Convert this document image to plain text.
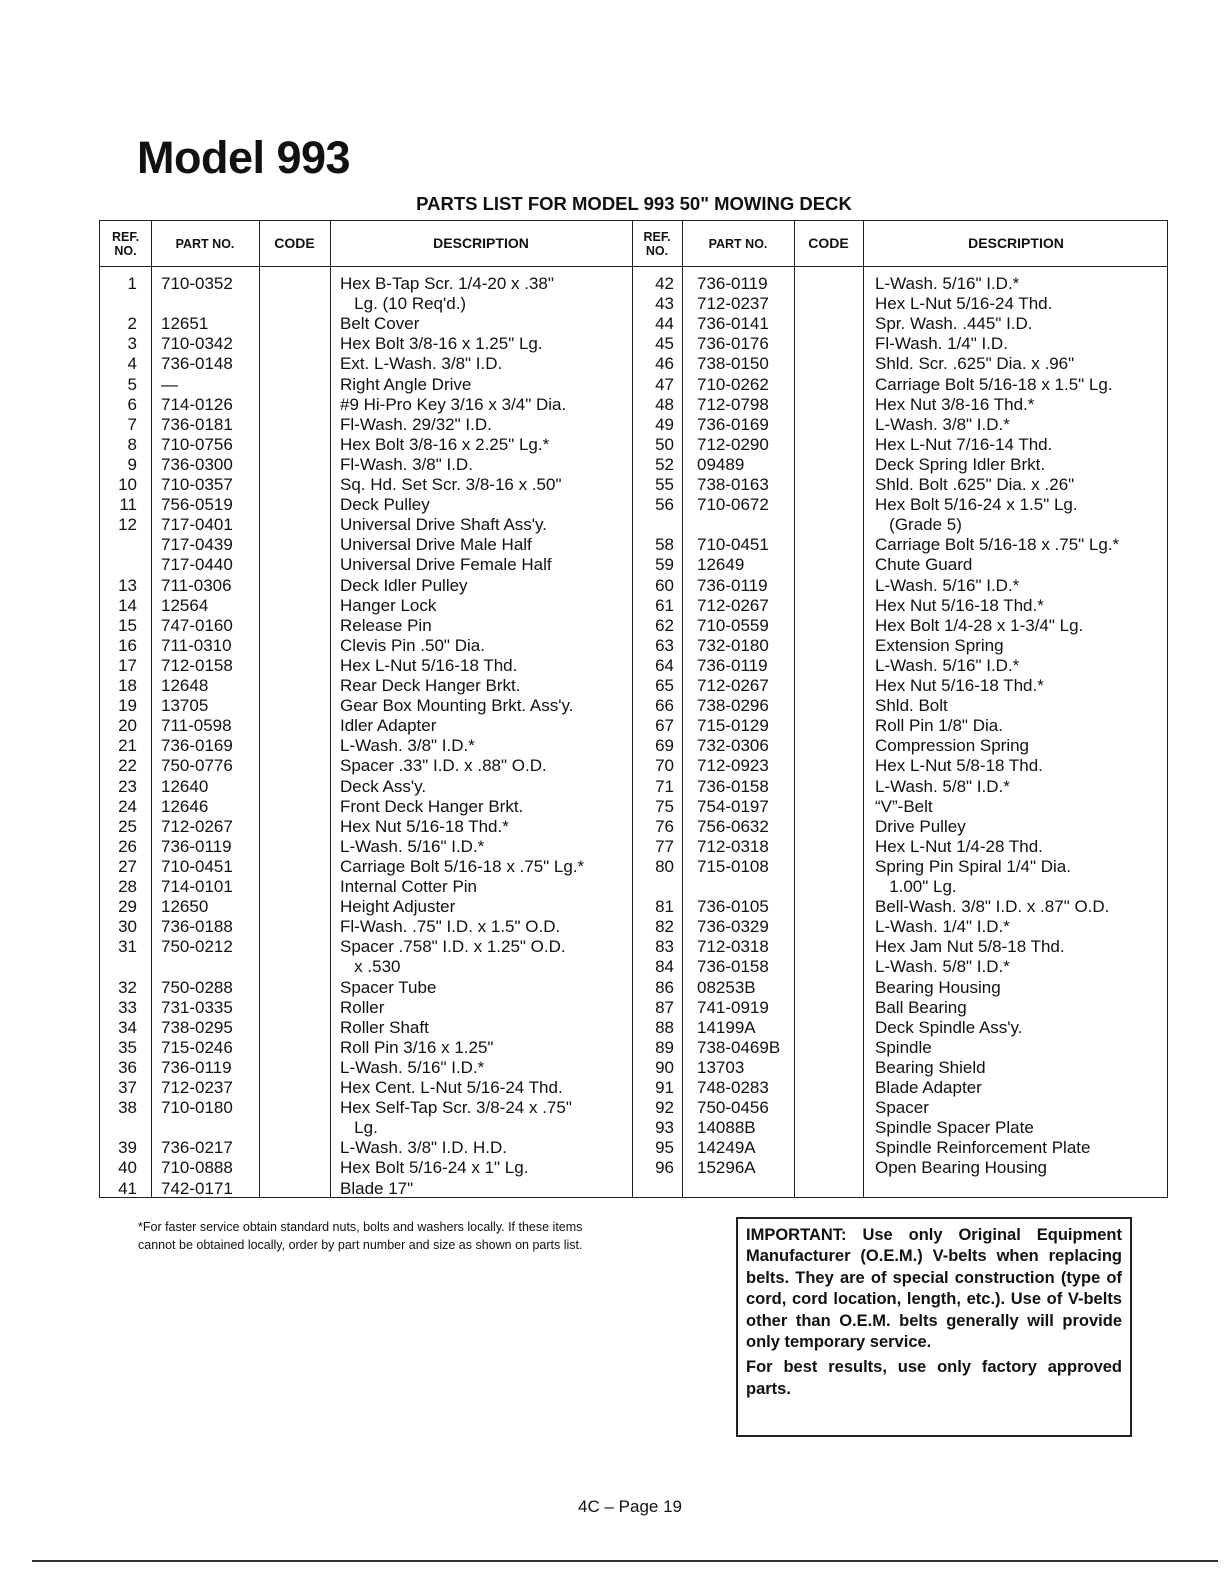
Model 993
PARTS LIST FOR MODEL 993 50" MOWING DECK
REF. NO.	PART NO.	CODE	DESCRIPTION	REF. NO.	PART NO.	CODE	DESCRIPTION
1 710-0352	Hex B-Tap Scr. 1/4-20 x .38"
Lg. (10 Req'd.)
2 12651	Belt Cover
3 710-0342	Hex Bolt 3/8-16 x 1.25" Lg.
4 736-0148	Ext. L-Wash. 3/8" I.D.
5 —	Right Angle Drive
6 714-0126	#9 Hi-Pro Key 3/16 x 3/4" Dia.
7 736-0181	Fl-Wash. 29/32" I.D.
8 710-0756	Hex Bolt 3/8-16 x 2.25" Lg.*
9 736-0300	Fl-Wash. 3/8" I.D.
10 710-0357	Sq. Hd. Set Scr. 3/8-16 x .50"
11 756-0519	Deck Pulley
12 717-0401	Universal Drive Shaft Ass'y.
717-0439	Universal Drive Male Half
717-0440	Universal Drive Female Half
13 711-0306	Deck Idler Pulley
14 12564	Hanger Lock
15 747-0160	Release Pin
16 711-0310	Clevis Pin .50" Dia.
17 712-0158	Hex L-Nut 5/16-18 Thd.
18 12648	Rear Deck Hanger Brkt.
19 13705	Gear Box Mounting Brkt. Ass'y.
20 711-0598	Idler Adapter
21 736-0169	L-Wash. 3/8" I.D.*
22 750-0776	Spacer .33" I.D. x .88" O.D.
23 12640	Deck Ass'y.
24 12646	Front Deck Hanger Brkt.
25 712-0267	Hex Nut 5/16-18 Thd.*
26 736-0119	L-Wash. 5/16" I.D.*
27 710-0451	Carriage Bolt 5/16-18 x .75" Lg.*
28 714-0101	Internal Cotter Pin
29 12650	Height Adjuster
30 736-0188	Fl-Wash. .75" I.D. x 1.5" O.D.
31 750-0212	Spacer .758" I.D. x 1.25" O.D.
x .530
32 750-0288	Spacer Tube
33 731-0335	Roller
34 738-0295	Roller Shaft
35 715-0246	Roll Pin 3/16 x 1.25"
36 736-0119	L-Wash. 5/16" I.D.*
37 712-0237	Hex Cent. L-Nut 5/16-24 Thd.
38 710-0180	Hex Self-Tap Scr. 3/8-24 x .75"
Lg.
39 736-0217	L-Wash. 3/8" I.D. H.D.
40 710-0888	Hex Bolt 5/16-24 x 1" Lg.
41 742-0171	Blade 17"
42 736-0119	L-Wash. 5/16" I.D.*
43 712-0237	Hex L-Nut 5/16-24 Thd.
44 736-0141	Spr. Wash. .445" I.D.
45 736-0176	Fl-Wash. 1/4" I.D.
46 738-0150	Shld. Scr. .625" Dia. x .96"
47 710-0262	Carriage Bolt 5/16-18 x 1.5" Lg.
48 712-0798	Hex Nut 3/8-16 Thd.*
49 736-0169	L-Wash. 3/8" I.D.*
50 712-0290	Hex L-Nut 7/16-14 Thd.
52 09489	Deck Spring Idler Brkt.
55 738-0163	Shld. Bolt .625" Dia. x .26"
56 710-0672	Hex Bolt 5/16-24 x 1.5" Lg.
(Grade 5)
58 710-0451	Carriage Bolt 5/16-18 x .75" Lg.*
59 12649	Chute Guard
60 736-0119	L-Wash. 5/16" I.D.*
61 712-0267	Hex Nut 5/16-18 Thd.*
62 710-0559	Hex Bolt 1/4-28 x 1-3/4" Lg.
63 732-0180	Extension Spring
64 736-0119	L-Wash. 5/16" I.D.*
65 712-0267	Hex Nut 5/16-18 Thd.*
66 738-0296	Shld. Bolt
67 715-0129	Roll Pin 1/8" Dia.
69 732-0306	Compression Spring
70 712-0923	Hex L-Nut 5/8-18 Thd.
71 736-0158	L-Wash. 5/8" I.D.*
75 754-0197	“V”-Belt
76 756-0632	Drive Pulley
77 712-0318	Hex L-Nut 1/4-28 Thd.
80 715-0108	Spring Pin Spiral 1/4" Dia.
1.00" Lg.
81 736-0105	Bell-Wash. 3/8" I.D. x .87" O.D.
82 736-0329	L-Wash. 1/4" I.D.*
83 712-0318	Hex Jam Nut 5/8-18 Thd.
84 736-0158	L-Wash. 5/8" I.D.*
86 08253B	Bearing Housing
87 741-0919	Ball Bearing
88 14199A	Deck Spindle Ass'y.
89 738-0469B	Spindle
90 13703	Bearing Shield
91 748-0283	Blade Adapter
92 750-0456	Spacer
93 14088B	Spindle Spacer Plate
95 14249A	Spindle Reinforcement Plate
96 15296A	Open Bearing Housing

*For faster service obtain standard nuts, bolts and washers locally. If these items cannot be obtained locally, order by part number and size as shown on parts list.

IMPORTANT: Use only Original Equipment Manufacturer (O.E.M.) V-belts when replacing belts. They are of special construction (type of cord, cord location, length, etc.). Use of V-belts other than O.E.M. belts generally will provide only temporary service.

For best results, use only factory approved parts.

4C – Page 19
